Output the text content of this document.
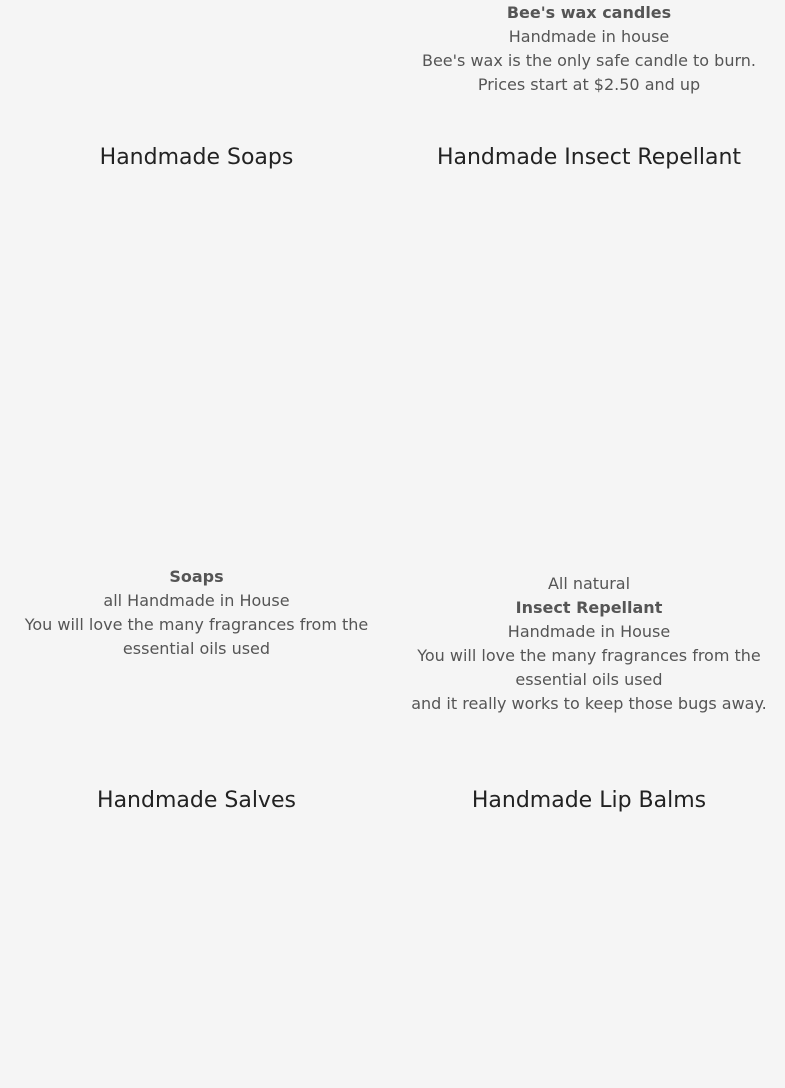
Bee's wax candles
Handmade in house
Bee's wax is the only safe candle to burn.
Prices start at $2.50 and up
Handmade Soaps	Handmade Insect Repellant
Soaps
all Handmade in House
You will love the many fragrances from the
essential oils used
All natural
Insect Repellant
Handmade in House
You will love the many fragrances from the
essential oils used
and it really works to keep those bugs away.
Handmade Salves	Handmade Lip Balms
